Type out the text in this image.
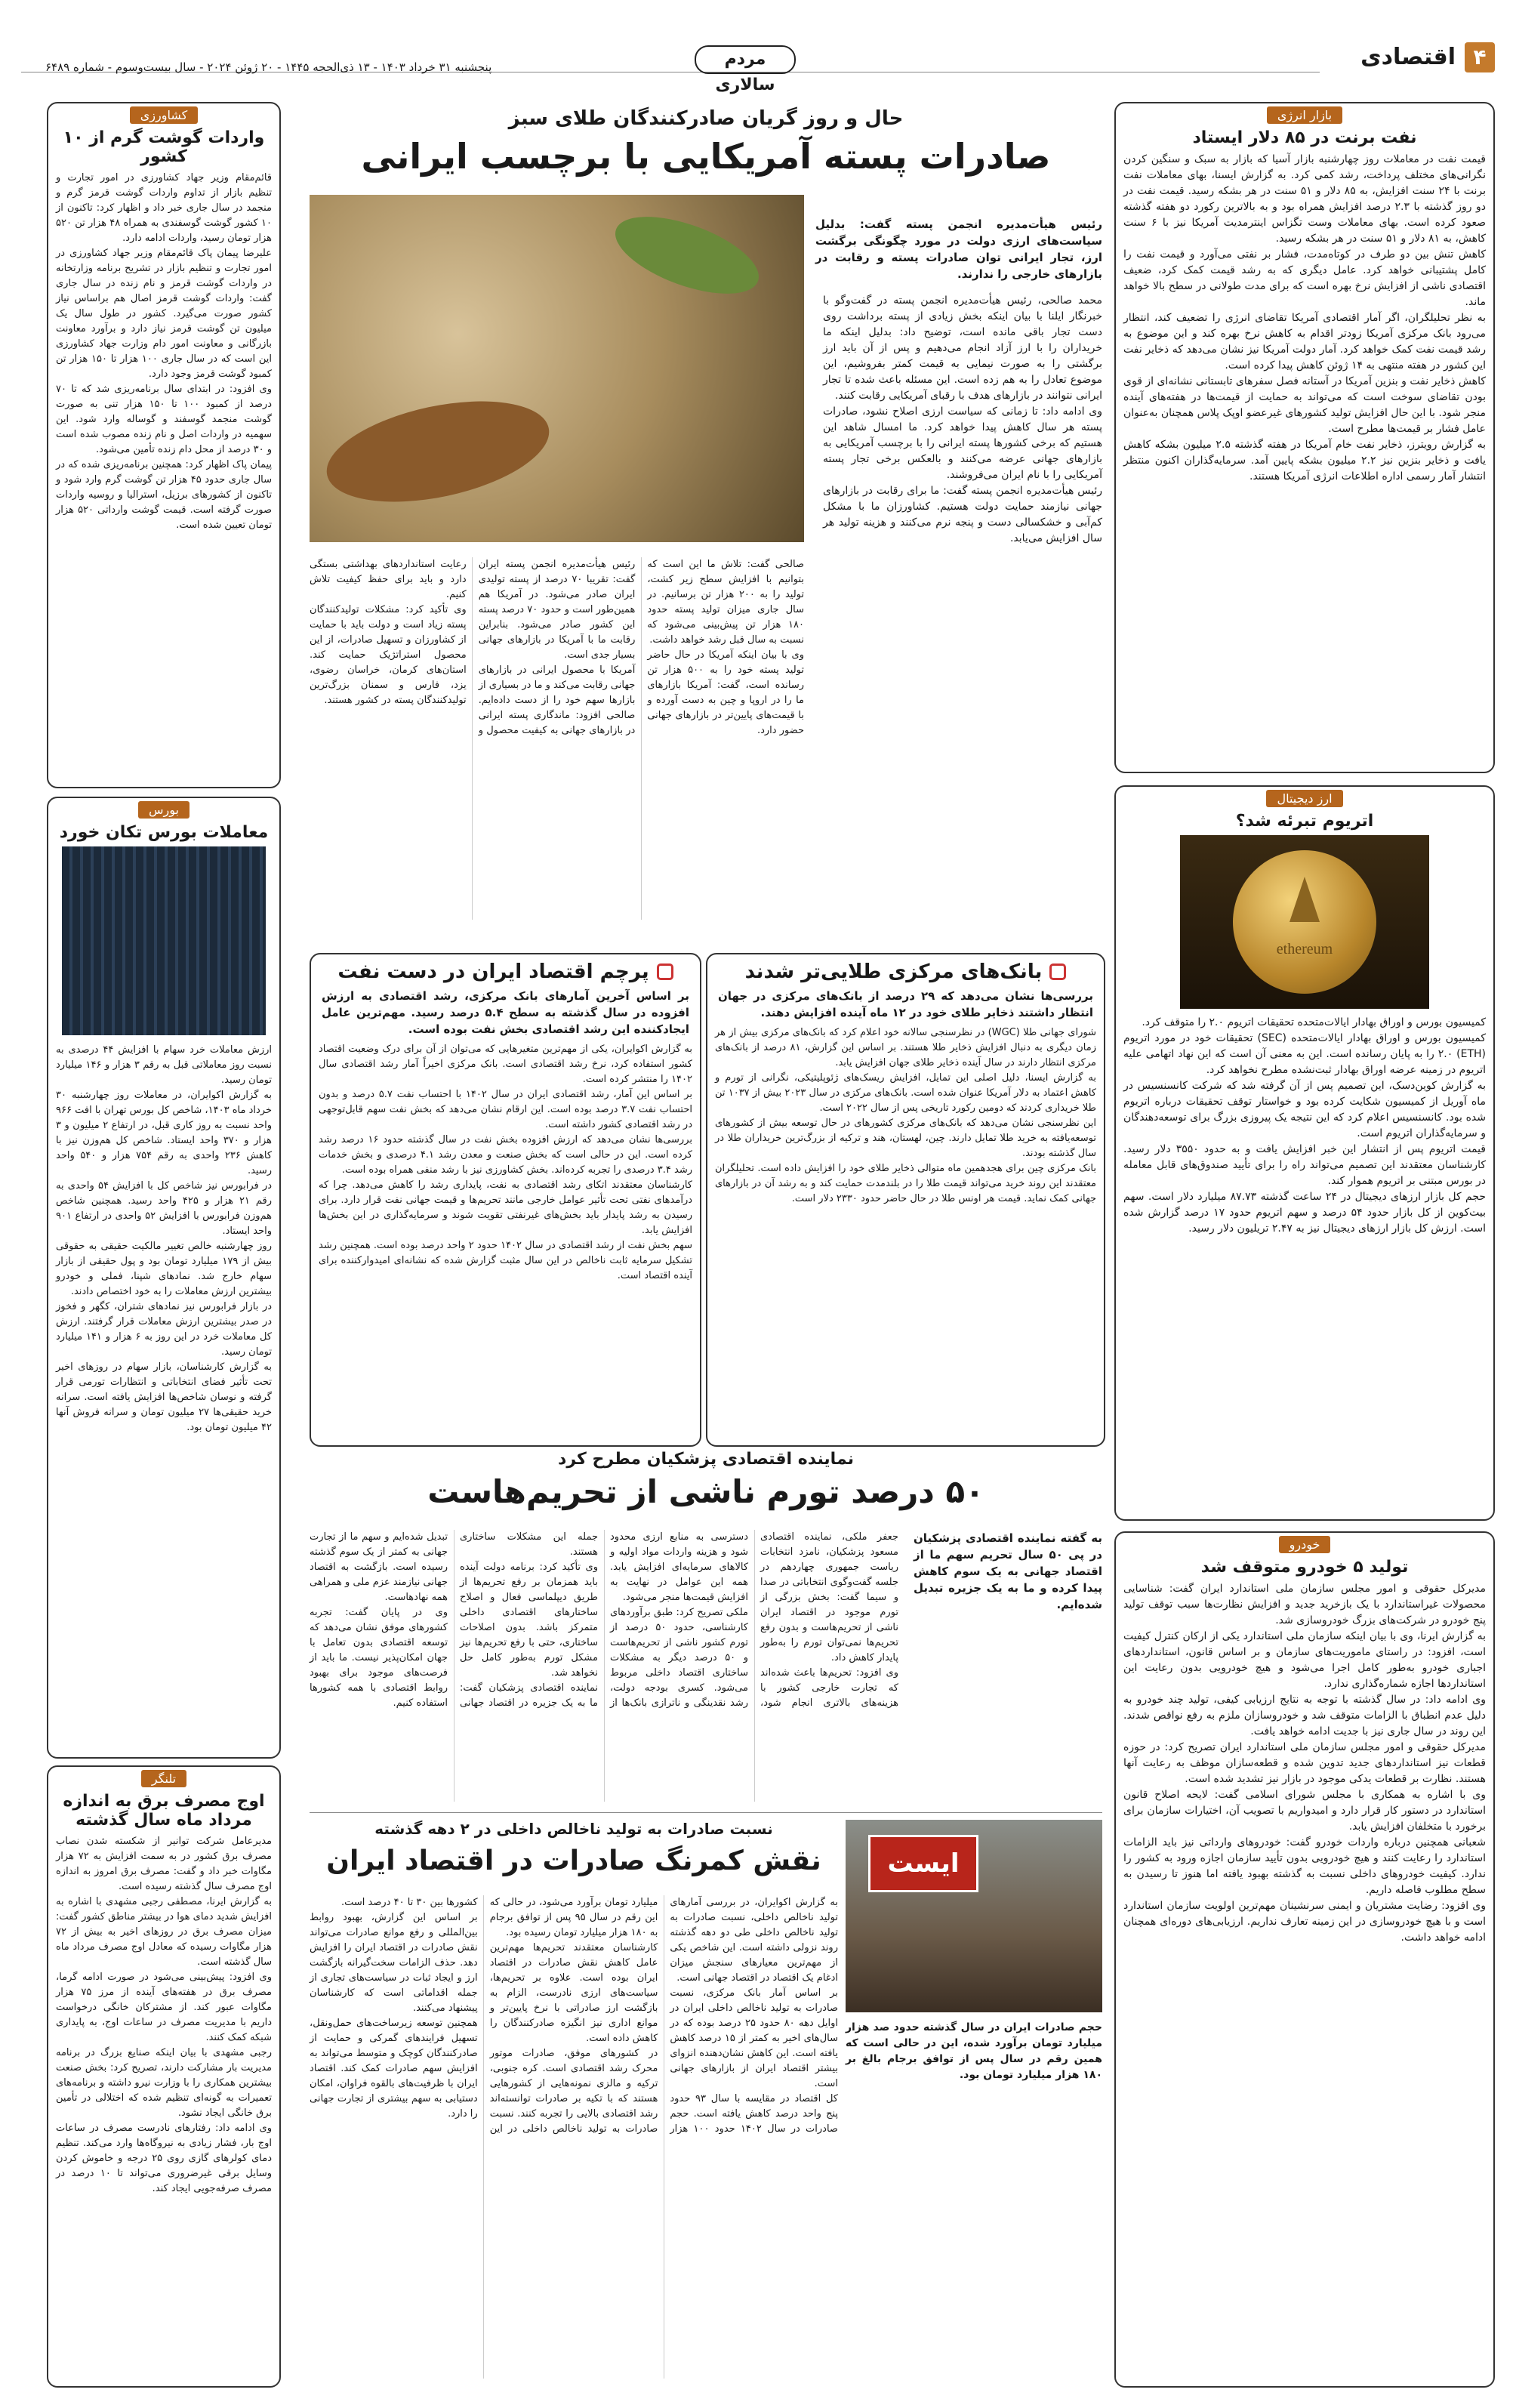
۴
اقتصادی
مردم سالاری
پنجشنبه ۳۱ خرداد ۱۴۰۳ - ۱۳ ذی‌الحجه ۱۴۴۵ - ۲۰ ژوئن ۲۰۲۴ - سال بیست‌وسوم - شماره ۶۴۸۹
بازار انرژی
نفت برنت در ۸۵ دلار ایستاد
قیمت نفت در معاملات روز چهارشنبه بازار آسیا که بازار به سبک و سنگین کردن نگرانی‌های مختلف پرداخت، رشد کمی کرد. به گزارش ایسنا، بهای معاملات نفت برنت با ۲۴ سنت افزایش، به ۸۵ دلار و ۵۱ سنت در هر بشکه رسید. قیمت نفت در دو روز گذشته با ۲.۳ درصد افزایش همراه بود و به بالاترین رکورد دو هفته گذشته صعود کرده است. بهای معاملات وست تگزاس اینترمدیت آمریکا نیز با ۶ سنت کاهش، به ۸۱ دلار و ۵۱ سنت در هر بشکه رسید.
کاهش تنش بین دو طرف در کوتاه‌مدت، فشار بر نفتی می‌آورد و قیمت نفت را کامل پشتیبانی خواهد کرد. عامل دیگری که به رشد قیمت کمک کرد، ضعیف اقتصادی ناشی از افزایش نرخ بهره است که برای مدت طولانی در سطح بالا خواهد ماند.
به نظر تحلیلگران، اگر آمار اقتصادی آمریکا تقاضای انرژی را تضعیف کند، انتظار می‌رود بانک مرکزی آمریکا زودتر اقدام به کاهش نرخ بهره کند و این موضوع به رشد قیمت نفت کمک خواهد کرد. آمار دولت آمریکا نیز نشان می‌دهد که ذخایر نفت این کشور در هفته منتهی به ۱۴ ژوئن کاهش پیدا کرده است.
کاهش ذخایر نفت و بنزین آمریکا در آستانه فصل سفرهای تابستانی نشانه‌ای از قوی بودن تقاضای سوخت است که می‌تواند به حمایت از قیمت‌ها در هفته‌های آینده منجر شود. با این حال افزایش تولید کشورهای غیرعضو اوپک پلاس همچنان به‌عنوان عامل فشار بر قیمت‌ها مطرح است.
به گزارش رویترز، ذخایر نفت خام آمریکا در هفته گذشته ۲.۵ میلیون بشکه کاهش یافت و ذخایر بنزین نیز ۲.۲ میلیون بشکه پایین آمد. سرمایه‌گذاران اکنون منتظر انتشار آمار رسمی اداره اطلاعات انرژی آمریکا هستند.
ارز دیجیتال
اتریوم تبرئه شد؟
ethereum
کمیسیون بورس و اوراق بهادار ایالات‌متحده تحقیقات اتریوم ۲.۰ را متوقف کرد.
کمیسیون بورس و اوراق بهادار ایالات‌متحده (SEC) تحقیقات خود در مورد اتریوم (ETH) ۲.۰ را به پایان رسانده است. این به معنی آن است که این نهاد اتهامی علیه اتریوم در زمینه عرضه اوراق بهادار ثبت‌نشده مطرح نخواهد کرد.
به گزارش کوین‌دسک، این تصمیم پس از آن گرفته شد که شرکت کانسنسیس در ماه آوریل از کمیسیون شکایت کرده بود و خواستار توقف تحقیقات درباره اتریوم شده بود. کانسنسیس اعلام کرد که این نتیجه یک پیروزی بزرگ برای توسعه‌دهندگان و سرمایه‌گذاران اتریوم است.
قیمت اتریوم پس از انتشار این خبر افزایش یافت و به حدود ۳۵۵۰ دلار رسید. کارشناسان معتقدند این تصمیم می‌تواند راه را برای تأیید صندوق‌های قابل معامله در بورس مبتنی بر اتریوم هموار کند.
حجم کل بازار ارزهای دیجیتال در ۲۴ ساعت گذشته ۸۷.۷۳ میلیارد دلار است. سهم بیت‌کوین از کل بازار حدود ۵۴ درصد و سهم اتریوم حدود ۱۷ درصد گزارش شده است. ارزش کل بازار ارزهای دیجیتال نیز به ۲.۴۷ تریلیون دلار رسید.
خودرو
تولید ۵ خودرو متوقف شد
مدیرکل حقوقی و امور مجلس سازمان ملی استاندارد ایران گفت: شناسایی محصولات غیراستاندارد با یک بازخرید جدید و افزایش نظارت‌ها سبب توقف تولید پنج خودرو در شرکت‌های بزرگ خودروسازی شد.
به گزارش ایرنا، وی با بیان اینکه سازمان ملی استاندارد یکی از ارکان کنترل کیفیت است، افزود: در راستای ماموریت‌های سازمان و بر اساس قانون، استانداردهای اجباری خودرو به‌طور کامل اجرا می‌شود و هیچ خودرویی بدون رعایت این استانداردها اجازه شماره‌گذاری ندارد.
وی ادامه داد: در سال گذشته با توجه به نتایج ارزیابی کیفی، تولید چند خودرو به دلیل عدم انطباق با الزامات متوقف شد و خودروسازان ملزم به رفع نواقص شدند. این روند در سال جاری نیز با جدیت ادامه خواهد یافت.
مدیرکل حقوقی و امور مجلس سازمان ملی استاندارد ایران تصریح کرد: در حوزه قطعات نیز استانداردهای جدید تدوین شده و قطعه‌سازان موظف به رعایت آنها هستند. نظارت بر قطعات یدکی موجود در بازار نیز تشدید شده است.
وی با اشاره به همکاری با مجلس شورای اسلامی گفت: لایحه اصلاح قانون استاندارد در دستور کار قرار دارد و امیدواریم با تصویب آن، اختیارات سازمان برای برخورد با متخلفان افزایش یابد.
شعبانی همچنین درباره واردات خودرو گفت: خودروهای وارداتی نیز باید الزامات استاندارد را رعایت کنند و هیچ خودرویی بدون تأیید سازمان اجازه ورود به کشور را ندارد. کیفیت خودروهای داخلی نسبت به گذشته بهبود یافته اما هنوز تا رسیدن به سطح مطلوب فاصله داریم.
وی افزود: رضایت مشتریان و ایمنی سرنشینان مهم‌ترین اولویت سازمان استاندارد است و با هیچ خودروسازی در این زمینه تعارف نداریم. ارزیابی‌های دوره‌ای همچنان ادامه خواهد داشت.
کشاورزی
واردات گوشت گرم از ۱۰ کشور
قائم‌مقام وزیر جهاد کشاورزی در امور تجارت و تنظیم بازار از تداوم واردات گوشت قرمز گرم و منجمد در سال جاری خبر داد و اظهار کرد: تاکنون از ۱۰ کشور گوشت گوسفندی به همراه ۴۸ هزار تن ۵۲۰ هزار تومان رسید، واردات ادامه دارد.
علیرضا پیمان پاک قائم‌مقام وزیر جهاد کشاورزی در امور تجارت و تنظیم بازار در تشریح برنامه وزارتخانه در واردات گوشت قرمز و نام زنده در سال جاری گفت: واردات گوشت قرمز اصال هم براساس نیاز کشور صورت می‌گیرد. کشور در طول سال یک میلیون تن گوشت قرمز نیاز دارد و برآورد معاونت بازرگانی و معاونت امور دام وزارت جهاد کشاورزی این است که در سال جاری ۱۰۰ هزار تا ۱۵۰ هزار تن کمبود گوشت قرمز وجود دارد.
وی افزود: در ابتدای سال برنامه‌ریزی شد که تا ۷۰ درصد از کمبود ۱۰۰ تا ۱۵۰ هزار تنی به صورت گوشت منجمد گوسفند و گوساله وارد شود. این سهمیه در واردات اصل و نام زنده مصوب شده است و ۳۰ درصد از محل دام زنده تأمین می‌شود.
پیمان پاک اظهار کرد: همچنین برنامه‌ریزی شده که در سال جاری حدود ۴۵ هزار تن گوشت گرم وارد شود و تاکنون از کشورهای برزیل، استرالیا و روسیه واردات صورت گرفته است. قیمت گوشت وارداتی ۵۲۰ هزار تومان تعیین شده است.
بورس
معاملات بورس تکان خورد
ارزش معاملات خرد سهام با افزایش ۴۴ درصدی به نسبت روز معاملاتی قبل به رقم ۳ هزار و ۱۴۶ میلیارد تومان رسید.
به گزارش اکوایران، در معاملات روز چهارشنبه ۳۰ خرداد ماه ۱۴۰۳، شاخص کل بورس تهران با افت ۹۶۶ واحد نسبت به روز کاری قبل، در ارتفاع ۲ میلیون و ۳ هزار و ۳۷۰ واحد ایستاد. شاخص کل هم‌وزن نیز با کاهش ۲۳۶ واحدی به رقم ۷۵۴ هزار و ۵۴۰ واحد رسید.
در فرابورس نیز شاخص کل با افزایش ۵۴ واحدی به رقم ۲۱ هزار و ۴۲۵ واحد رسید. همچنین شاخص هم‌وزن فرابورس با افزایش ۵۲ واحدی در ارتفاع ۹۰۱ واحد ایستاد.
روز چهارشنبه خالص تغییر مالکیت حقیقی به حقوقی بیش از ۱۷۹ میلیارد تومان بود و پول حقیقی از بازار سهام خارج شد. نمادهای شپنا، فملی و خودرو بیشترین ارزش معاملات را به خود اختصاص دادند.
در بازار فرابورس نیز نمادهای شتران، کگهر و فخوز در صدر بیشترین ارزش معاملات قرار گرفتند. ارزش کل معاملات خرد در این روز به ۶ هزار و ۱۴۱ میلیارد تومان رسید.
به گزارش کارشناسان، بازار سهام در روزهای اخیر تحت تأثیر فضای انتخاباتی و انتظارات تورمی قرار گرفته و نوسان شاخص‌ها افزایش یافته است. سرانه خرید حقیقی‌ها ۲۷ میلیون تومان و سرانه فروش آنها ۴۲ میلیون تومان بود.
تلنگر
اوج مصرف برق به اندازه مرداد ماه سال گذشته
مدیرعامل شرکت توانیر از شکسته شدن نصاب مصرف برق کشور در به سمت افزایش به ۷۲ هزار مگاوات خبر داد و گفت: مصرف برق امروز به اندازه اوج مصرف سال گذشته رسیده است.
به گزارش ایرنا، مصطفی رجبی مشهدی با اشاره به افزایش شدید دمای هوا در بیشتر مناطق کشور گفت: میزان مصرف برق در روزهای اخیر به بیش از ۷۲ هزار مگاوات رسیده که معادل اوج مصرف مرداد ماه سال گذشته است.
وی افزود: پیش‌بینی می‌شود در صورت ادامه گرما، مصرف برق در هفته‌های آینده از مرز ۷۵ هزار مگاوات عبور کند. از مشترکان خانگی درخواست داریم با مدیریت مصرف در ساعات اوج، به پایداری شبکه کمک کنند.
رجبی مشهدی با بیان اینکه صنایع بزرگ در برنامه مدیریت بار مشارکت دارند، تصریح کرد: بخش صنعت بیشترین همکاری را با وزارت نیرو داشته و برنامه‌های تعمیرات به گونه‌ای تنظیم شده که اختلالی در تأمین برق خانگی ایجاد نشود.
وی ادامه داد: رفتارهای نادرست مصرف در ساعات اوج بار، فشار زیادی به نیروگاه‌ها وارد می‌کند. تنظیم دمای کولرهای گازی روی ۲۵ درجه و خاموش کردن وسایل برقی غیرضروری می‌تواند تا ۱۰ درصد در مصرف صرفه‌جویی ایجاد کند.
حال و روز گریان صادرکنندگان طلای سبز
صادرات پسته آمریکایی با برچسب ایرانی
رئیس هیأت‌مدیره انجمن پسته گفت: بدلیل سیاست‌های ارزی دولت در مورد چگونگی برگشت ارز، تجار ایرانی توان صادرات پسته و رقابت در بازارهای خارجی را ندارند.
محمد صالحی، رئیس هیأت‌مدیره انجمن پسته در گفت‌وگو با خبرنگار ایلنا با بیان اینکه بخش زیادی از پسته برداشت روی دست تجار باقی مانده است، توضیح داد: بدلیل اینکه ما خریداران را با ارز آزاد انجام می‌دهیم و پس از آن باید ارز برگشتی را به صورت نیمایی به قیمت کمتر بفروشیم، این موضوع تعادل را به هم زده است. این مسئله باعث شده تا تجار ایرانی نتوانند در بازارهای هدف با رقبای آمریکایی رقابت کنند.
وی ادامه داد: تا زمانی که سیاست ارزی اصلاح نشود، صادرات پسته هر سال کاهش پیدا خواهد کرد. ما امسال شاهد این هستیم که برخی کشورها پسته ایرانی را با برچسب آمریکایی به بازارهای جهانی عرضه می‌کنند و بالعکس برخی تجار پسته آمریکایی را با نام ایران می‌فروشند.
رئیس هیأت‌مدیره انجمن پسته گفت: ما برای رقابت در بازارهای جهانی نیازمند حمایت دولت هستیم. کشاورزان ما با مشکل کم‌آبی و خشکسالی دست و پنجه نرم می‌کنند و هزینه تولید هر سال افزایش می‌یابد.
صالحی گفت: تلاش ما این است که بتوانیم با افزایش سطح زیر کشت، تولید را به ۲۰۰ هزار تن برسانیم. در سال جاری میزان تولید پسته حدود ۱۸۰ هزار تن پیش‌بینی می‌شود که نسبت به سال قبل رشد خواهد داشت.
وی با بیان اینکه آمریکا در حال حاضر تولید پسته خود را به ۵۰۰ هزار تن رسانده است، گفت: آمریکا بازارهای ما را در اروپا و چین به دست آورده و با قیمت‌های پایین‌تر در بازارهای جهانی حضور دارد.
رئیس هیأت‌مدیره انجمن پسته ایران گفت: تقریبا ۷۰ درصد از پسته تولیدی ایران صادر می‌شود. در آمریکا هم همین‌طور است و حدود ۷۰ درصد پسته این کشور صادر می‌شود. بنابراین رقابت ما با آمریکا در بازارهای جهانی بسیار جدی است.
آمریکا با محصول ایرانی در بازارهای جهانی رقابت می‌کند و ما در بسیاری از بازارها سهم خود را از دست داده‌ایم. صالحی افزود: ماندگاری پسته ایرانی در بازارهای جهانی به کیفیت محصول و رعایت استانداردهای بهداشتی بستگی دارد و باید برای حفظ کیفیت تلاش کنیم.
وی تأکید کرد: مشکلات تولیدکنندگان پسته زیاد است و دولت باید با حمایت از کشاورزان و تسهیل صادرات، از این محصول استراتژیک حمایت کند. استان‌های کرمان، خراسان رضوی، یزد، فارس و سمنان بزرگ‌ترین تولیدکنندگان پسته در کشور هستند.
بانک‌های مرکزی طلایی‌تر شدند
بررسی‌ها نشان می‌دهد که ۲۹ درصد از بانک‌های مرکزی در جهان انتظار داشتند ذخایر طلای خود در ۱۲ ماه آینده افزایش دهند.
شورای جهانی طلا (WGC) در نظرسنجی سالانه خود اعلام کرد که بانک‌های مرکزی بیش از هر زمان دیگری به دنبال افزایش ذخایر طلا هستند. بر اساس این گزارش، ۸۱ درصد از بانک‌های مرکزی انتظار دارند در سال آینده ذخایر طلای جهان افزایش یابد.
به گزارش ایسنا، دلیل اصلی این تمایل، افزایش ریسک‌های ژئوپلیتیکی، نگرانی از تورم و کاهش اعتماد به دلار آمریکا عنوان شده است. بانک‌های مرکزی در سال ۲۰۲۳ بیش از ۱۰۳۷ تن طلا خریداری کردند که دومین رکورد تاریخی پس از سال ۲۰۲۲ است.
این نظرسنجی نشان می‌دهد که بانک‌های مرکزی کشورهای در حال توسعه بیش از کشورهای توسعه‌یافته به خرید طلا تمایل دارند. چین، لهستان، هند و ترکیه از بزرگ‌ترین خریداران طلا در سال گذشته بودند.
بانک مرکزی چین برای هجدهمین ماه متوالی ذخایر طلای خود را افزایش داده است. تحلیلگران معتقدند این روند خرید می‌تواند قیمت طلا را در بلندمدت حمایت کند و به رشد آن در بازارهای جهانی کمک نماید. قیمت هر اونس طلا در حال حاضر حدود ۲۳۳۰ دلار است.
پرچم اقتصاد ایران در دست نفت
بر اساس آخرین آمارهای بانک مرکزی، رشد اقتصادی به ارزش افزوده در سال گذشته به سطح ۵.۴ درصد رسید. مهم‌ترین عامل ایجادکننده این رشد اقتصادی بخش نفت بوده است.
به گزارش اکوایران، یکی از مهم‌ترین متغیرهایی که می‌توان از آن برای درک وضعیت اقتصاد کشور استفاده کرد، نرخ رشد اقتصادی است. بانک مرکزی اخیراً آمار رشد اقتصادی سال ۱۴۰۲ را منتشر کرده است.
بر اساس این آمار، رشد اقتصادی ایران در سال ۱۴۰۲ با احتساب نفت ۵.۷ درصد و بدون احتساب نفت ۳.۷ درصد بوده است. این ارقام نشان می‌دهد که بخش نفت سهم قابل‌توجهی در رشد اقتصادی کشور داشته است.
بررسی‌ها نشان می‌دهد که ارزش افزوده بخش نفت در سال گذشته حدود ۱۶ درصد رشد کرده است. این در حالی است که بخش صنعت و معدن رشد ۴.۱ درصدی و بخش خدمات رشد ۳.۴ درصدی را تجربه کرده‌اند. بخش کشاورزی نیز با رشد منفی همراه بوده است.
کارشناسان معتقدند اتکای رشد اقتصادی به نفت، پایداری رشد را کاهش می‌دهد. چرا که درآمدهای نفتی تحت تأثیر عوامل خارجی مانند تحریم‌ها و قیمت جهانی نفت قرار دارد. برای رسیدن به رشد پایدار باید بخش‌های غیرنفتی تقویت شوند و سرمایه‌گذاری در این بخش‌ها افزایش یابد.
سهم بخش نفت از رشد اقتصادی در سال ۱۴۰۲ حدود ۲ واحد درصد بوده است. همچنین رشد تشکیل سرمایه ثابت ناخالص در این سال مثبت گزارش شده که نشانه‌ای امیدوارکننده برای آینده اقتصاد است.
نماینده اقتصادی پزشکیان مطرح کرد
۵۰ درصد تورم ناشی از تحریم‌هاست
به گفته نماینده اقتصادی پزشکیان در پی ۵۰ سال تحریم سهم ما از اقتصاد جهانی به یک سوم کاهش پیدا کرده و ما به یک جزیره تبدیل شده‌ایم.
جعفر ملکی، نماینده اقتصادی مسعود پزشکیان، نامزد انتخابات ریاست جمهوری چهاردهم در جلسه گفت‌وگوی انتخاباتی در صدا و سیما گفت: بخش بزرگی از تورم موجود در اقتصاد ایران ناشی از تحریم‌هاست و بدون رفع تحریم‌ها نمی‌توان تورم را به‌طور پایدار کاهش داد.
وی افزود: تحریم‌ها باعث شده‌اند که تجارت خارجی کشور با هزینه‌های بالاتری انجام شود، دسترسی به منابع ارزی محدود شود و هزینه واردات مواد اولیه و کالاهای سرمایه‌ای افزایش یابد. همه این عوامل در نهایت به افزایش قیمت‌ها منجر می‌شود.
ملکی تصریح کرد: طبق برآوردهای کارشناسی، حدود ۵۰ درصد از تورم کشور ناشی از تحریم‌هاست و ۵۰ درصد دیگر به مشکلات ساختاری اقتصاد داخلی مربوط می‌شود. کسری بودجه دولت، رشد نقدینگی و ناترازی بانک‌ها از جمله این مشکلات ساختاری هستند.
وی تأکید کرد: برنامه دولت آینده باید همزمان بر رفع تحریم‌ها از طریق دیپلماسی فعال و اصلاح ساختارهای اقتصادی داخلی متمرکز باشد. بدون اصلاحات ساختاری، حتی با رفع تحریم‌ها نیز مشکل تورم به‌طور کامل حل نخواهد شد.
نماینده اقتصادی پزشکیان گفت: ما به یک جزیره در اقتصاد جهانی تبدیل شده‌ایم و سهم ما از تجارت جهانی به کمتر از یک سوم گذشته رسیده است. بازگشت به اقتصاد جهانی نیازمند عزم ملی و همراهی همه نهادهاست.
وی در پایان گفت: تجربه کشورهای موفق نشان می‌دهد که توسعه اقتصادی بدون تعامل با جهان امکان‌پذیر نیست. ما باید از فرصت‌های موجود برای بهبود روابط اقتصادی با همه کشورها استفاده کنیم.
نسبت صادرات به تولید ناخالص داخلی در ۲ دهه گذشته
نقش کمرنگ صادرات در اقتصاد ایران	ایست
حجم صادرات ایران در سال گذشته حدود صد هزار میلیارد تومان برآورد شده، این در حالی است که همین رقم در سال پس از توافق برجام بالغ بر ۱۸۰ هزار میلیارد تومان بود.
به گزارش اکوایران، در بررسی آمارهای تولید ناخالص داخلی، نسبت صادرات به تولید ناخالص داخلی طی دو دهه گذشته روند نزولی داشته است. این شاخص یکی از مهم‌ترین معیارهای سنجش میزان ادغام یک اقتصاد در اقتصاد جهانی است.
بر اساس آمار بانک مرکزی، نسبت صادرات به تولید ناخالص داخلی ایران در اوایل دهه ۸۰ حدود ۲۵ درصد بوده که در سال‌های اخیر به کمتر از ۱۵ درصد کاهش یافته است. این کاهش نشان‌دهنده انزوای بیشتر اقتصاد ایران از بازارهای جهانی است.
کل اقتصاد در مقایسه با سال ۹۳ حدود پنج واحد درصد کاهش یافته است. حجم صادرات در سال ۱۴۰۲ حدود ۱۰۰ هزار میلیارد تومان برآورد می‌شود، در حالی که این رقم در سال ۹۵ پس از توافق برجام به ۱۸۰ هزار میلیارد تومان رسیده بود.
کارشناسان معتقدند تحریم‌ها مهم‌ترین عامل کاهش نقش صادرات در اقتصاد ایران بوده است. علاوه بر تحریم‌ها، سیاست‌های ارزی نادرست، الزام به بازگشت ارز صادراتی با نرخ پایین‌تر و موانع اداری نیز انگیزه صادرکنندگان را کاهش داده است.
در کشورهای موفق، صادرات موتور محرک رشد اقتصادی است. کره جنوبی، ترکیه و مالزی نمونه‌هایی از کشورهایی هستند که با تکیه بر صادرات توانسته‌اند رشد اقتصادی بالایی را تجربه کنند. نسبت صادرات به تولید ناخالص داخلی در این کشورها بین ۳۰ تا ۴۰ درصد است.
بر اساس این گزارش، بهبود روابط بین‌المللی و رفع موانع صادرات می‌تواند نقش صادرات در اقتصاد ایران را افزایش دهد. حذف الزامات سخت‌گیرانه بازگشت ارز و ایجاد ثبات در سیاست‌های تجاری از جمله اقداماتی است که کارشناسان پیشنهاد می‌کنند.
همچنین توسعه زیرساخت‌های حمل‌ونقل، تسهیل فرایندهای گمرکی و حمایت از صادرکنندگان کوچک و متوسط می‌تواند به افزایش سهم صادرات کمک کند. اقتصاد ایران با ظرفیت‌های بالقوه فراوان، امکان دستیابی به سهم بیشتری از تجارت جهانی را دارد.
